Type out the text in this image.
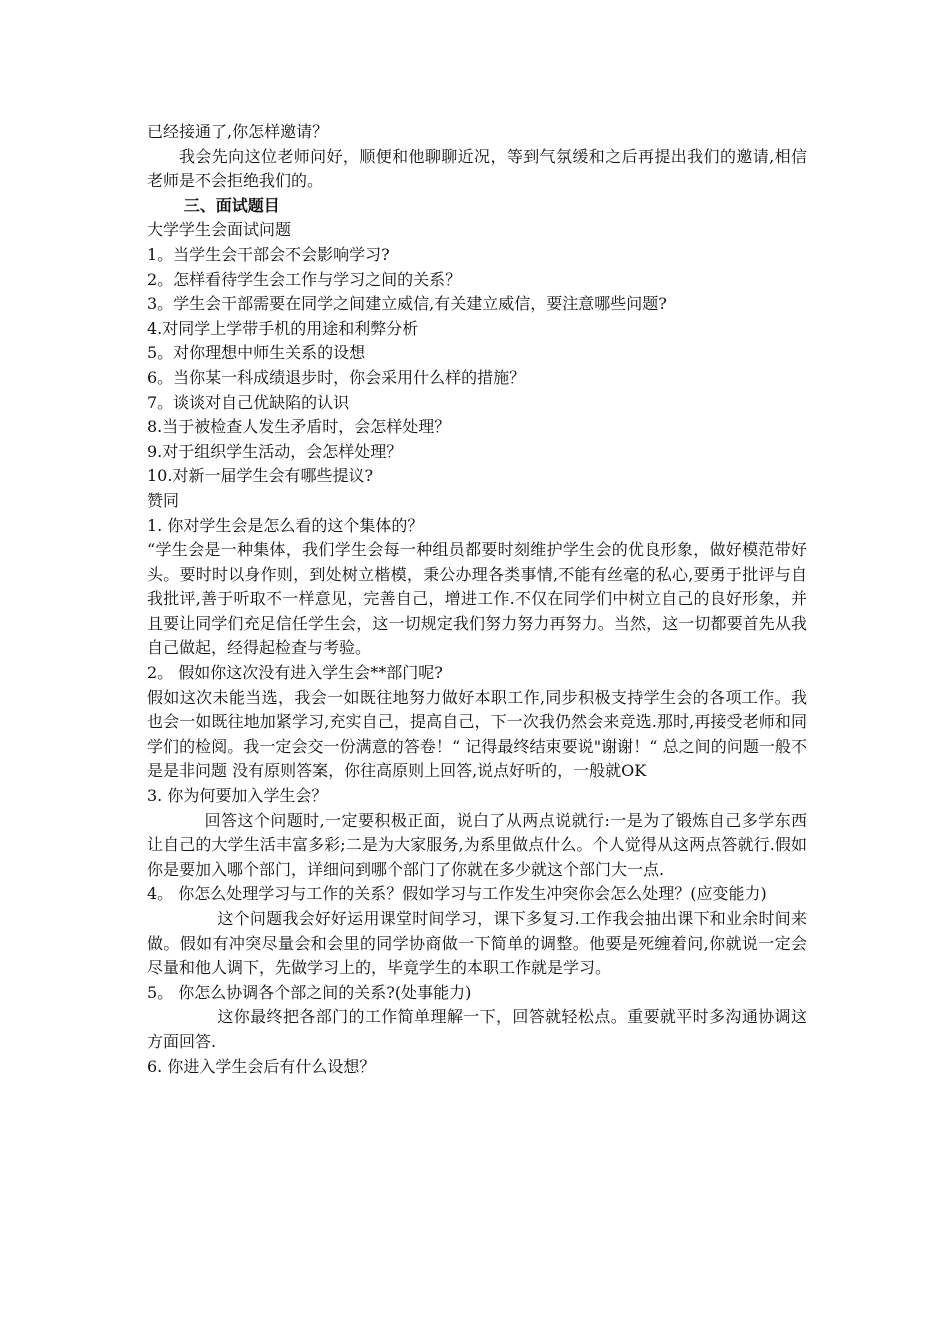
已经接通了,你怎样邀请？

我会先向这位老师问好，顺便和他聊聊近况，等到气氛缓和之后再提出我们的邀请,相信老师是不会拒绝我们的。

三、面试题目

大学学生会面试问题

1。当学生会干部会不会影响学习?

2。怎样看待学生会工作与学习之间的关系？

3。学生会干部需要在同学之间建立威信,有关建立威信，要注意哪些问题?

4.对同学上学带手机的用途和利弊分析

5。对你理想中师生关系的设想

6。当你某一科成绩退步时，你会采用什么样的措施？

7。谈谈对自己优缺陷的认识

8.当于被检查人发生矛盾时，会怎样处理？

9.对于组织学生活动，会怎样处理？

10.对新一届学生会有哪些提议?

赞同

1. 你对学生会是怎么看的这个集体的？

“学生会是一种集体，我们学生会每一种组员都要时刻维护学生会的优良形象，做好模范带好头。要时时以身作则，到处树立楷模，秉公办理各类事情,不能有丝毫的私心,要勇于批评与自我批评,善于听取不一样意见，完善自己，增进工作.不仅在同学们中树立自己的良好形象，并且要让同学们充足信任学生会，这一切规定我们努力努力再努力。当然，这一切都要首先从我自己做起，经得起检查与考验。

2。 假如你这次没有进入学生会**部门呢?

假如这次未能当选，我会一如既往地努力做好本职工作,同步积极支持学生会的各项工作。我也会一如既往地加紧学习,充实自己，提高自己，下一次我仍然会来竞选.那时,再接受老师和同学们的检阅。我一定会交一份满意的答卷！“ 记得最终结束要说"谢谢！“ 总之间的问题一般不是是非问题 没有原则答案，你往高原则上回答,说点好听的，一般就OK

3. 你为何要加入学生会？

回答这个问题时,一定要积极正面，说白了从两点说就行:一是为了锻炼自己多学东西让自己的大学生活丰富多彩;二是为大家服务,为系里做点什么。个人觉得从这两点答就行.假如你是要加入哪个部门，详细问到哪个部门了你就在多少就这个部门大一点.

4。 你怎么处理学习与工作的关系？假如学习与工作发生冲突你会怎么处理？(应变能力)

这个问题我会好好运用课堂时间学习，课下多复习.工作我会抽出课下和业余时间来做。假如有冲突尽量会和会里的同学协商做一下简单的调整。他要是死缠着问,你就说一定会尽量和他人调下，先做学习上的，毕竟学生的本职工作就是学习。

5。 你怎么协调各个部之间的关系?(处事能力)

这你最终把各部门的工作简单理解一下，回答就轻松点。重要就平时多沟通协调这方面回答.

6. 你进入学生会后有什么设想？
